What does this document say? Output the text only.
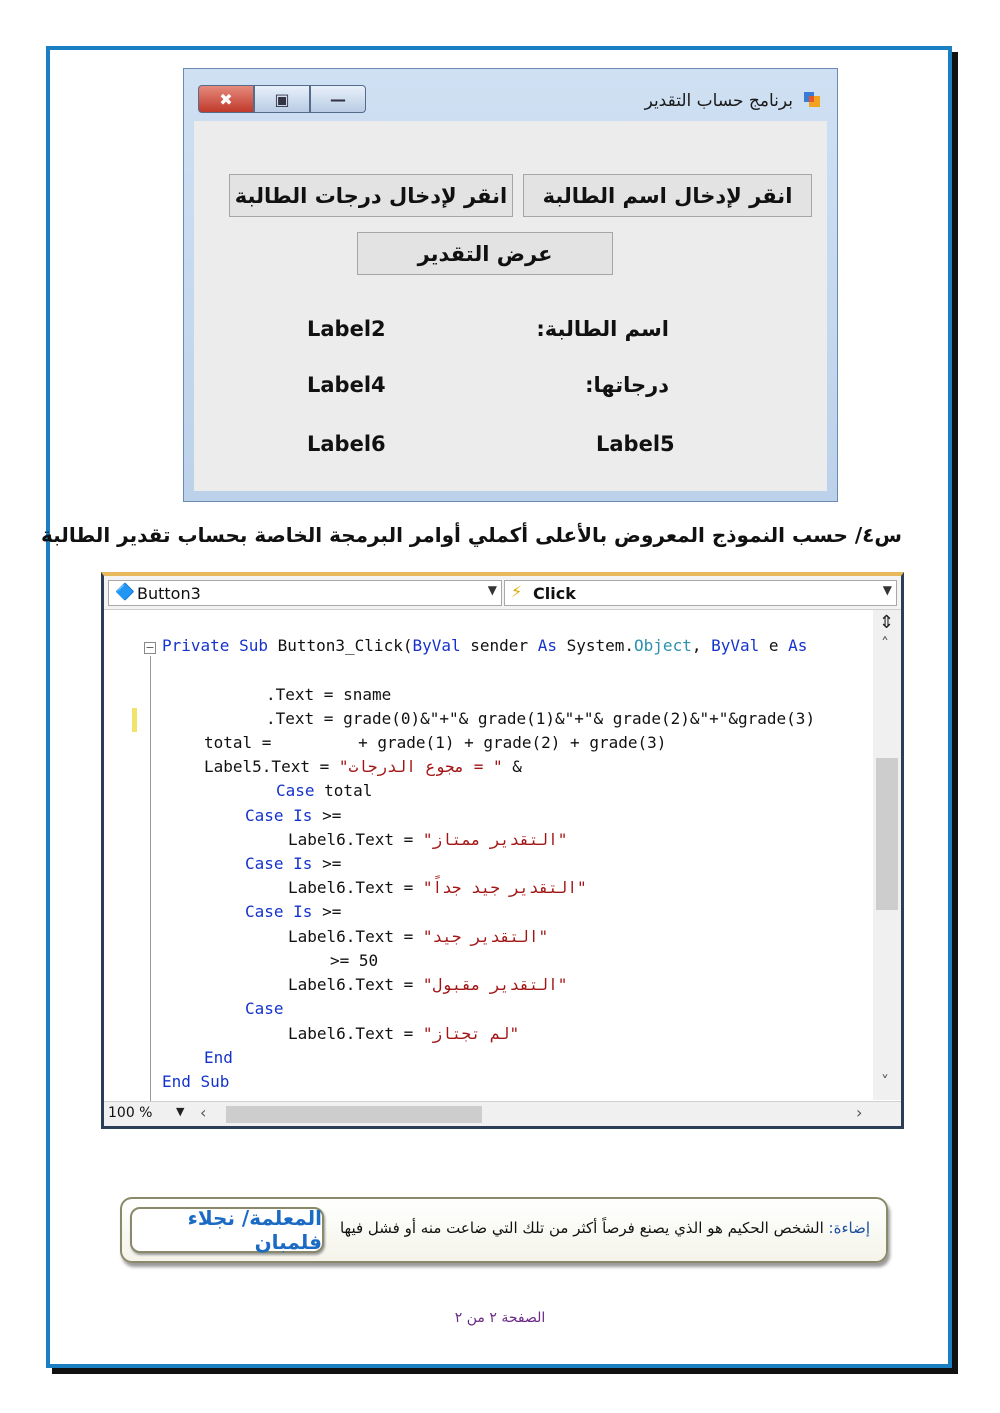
✖	▣	—	برنامج حساب التقدير
انقر لإدخال اسم الطالبة
انقر لإدخال درجات الطالبة
عرض التقدير
اسم الطالبة:
Label2
درجاتها:
Label4
Label5
Label6
س٤/ حسب النموذج المعروض بالأعلى أكملي أوامر البرمجة الخاصة بحساب تقدير الطالبة
🔷 Button3	▼ ⚡ Click	▼
− Private Sub Button3_Click(ByVal sender As System.Object, ByVal e As
.Text = sname
.Text = grade(0)&"+"& grade(1)&"+"& grade(2)&"+"&grade(3)
total =         + grade(1) + grade(2) + grade(3)
Label5.Text = " = مجوع الدرجات" &
Case total
Case Is >=
Label6.Text = "التقدير ممتاز"
Case Is >=
Label6.Text = "التقدير جيد جداً"
Case Is >=
Label6.Text = "التقدير جيد"
>= 50
Label6.Text = "التقدير مقبول"
Case
Label6.Text = "لم تجتاز"
End
End Sub
⇕
˄
˅
100 % ▼ ‹	›
إضاءة: الشخص الحكيم هو الذي يصنع فرصاً أكثر من تلك التي ضاعت منه أو فشل فيها
المعلمة/ نجلاء فلمبان
الصفحة ٢ من ٢
